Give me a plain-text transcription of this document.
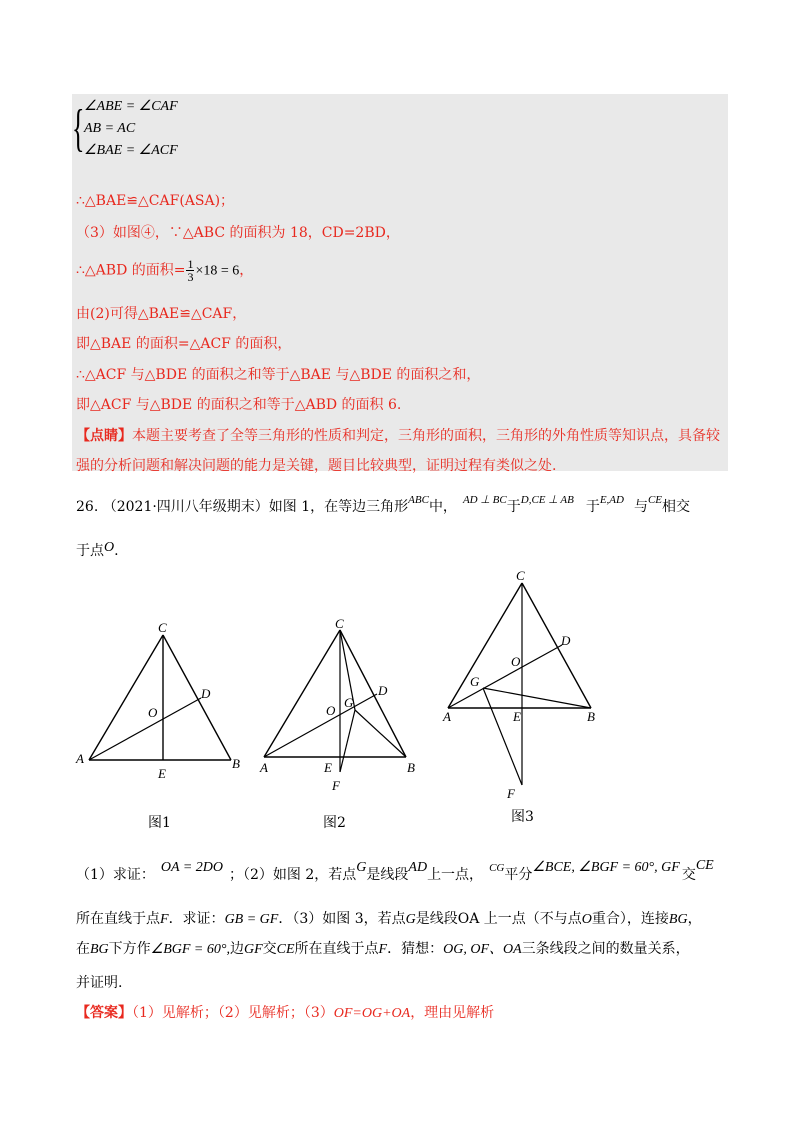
{ ∠ABE = ∠CAF
AB = AC
∠BAE = ∠ACF
∴△BAE≌△CAF(ASA)；
（3）如图④，∵△ABC 的面积为 18，CD=2BD，
∴△ABD 的面积= $\frac{1}{3} \times 18 = 6$，
由(2)可得△BAE≌△CAF，
即△BAE 的面积=△ACF 的面积，
∴△ACF 与△BDE 的面积之和等于△BAE 与△BDE 的面积之和，
即△ACF 与△BDE 的面积之和等于△ABD 的面积 6.
【点睛】本题主要考查了全等三角形的性质和判定，三角形的面积，三角形的外角性质等知识点，具备较
强的分析问题和解决问题的能力是关键，题目比较典型，证明过程有类似之处.
26. （2021·四川八年级期末）如图 1，在等边三角形$^{ABC}$中， $^{AD \perp BC}$于$^{D,CE \perp AB}$ 于$^{E,AD}$ 与$^{CE}$相交
于点O.
C
D
O
A
E
B
C
D
O
G
A	E
F
B
C
D
O
G
A	E	B
F
图1	图2	图3
（1）求证： OA = 2DO ；（2）如图 2，若点G是线段AD上一点， $^{CG}$平分∠BCE, ∠BGF = 60°, GF 交CE
所在直线于点F．求证：GB = GF．（3）如图 3，若点G是线段OA 上一点（不与点O重合），连接BG，
在BG下方作∠BGF = 60°,边GF交CE所在直线于点F．猜想：OG, OF、OA三条线段之间的数量关系，
并证明.
【答案】（1）见解析；（2）见解析；（3）OF=OG+OA，理由见解析
